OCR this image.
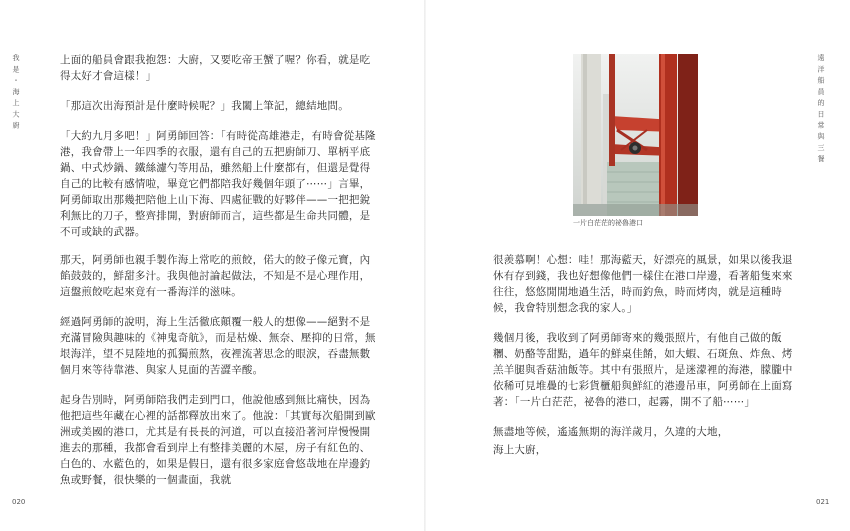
我 是 ・ 海 上 大 廚	上面的船員會跟我抱怨：大廚，又要吃帝王蟹了喔？你看，就是吃得太好才會這樣！」

「那這次出海預計是什麼時候呢？」我闔上筆記，總結地問。

「大約九月多吧！」阿勇師回答：「有時從高雄港走，有時會從基隆港，我會帶上一年四季的衣服，還有自己的五把廚師刀、單柄平底鍋、中式炒鍋、鐵絲濾勺等用品，雖然船上什麼都有，但還是覺得自己的比較有感情啦，畢竟它們都陪我好幾個年頭了⋯⋯」言畢，阿勇師取出那幾把陪他上山下海、四處征戰的好夥伴——一把把銳利無比的刀子，整齊排開，對廚師而言，這些都是生命共同體，是不可或缺的武器。

那天，阿勇師也親手製作海上常吃的煎餃，偌大的餃子像元寶，內餡鼓鼓的，鮮甜多汁。我與他討論起做法，不知是不是心理作用，這盤煎餃吃起來竟有一番海洋的滋味。

經過阿勇師的說明，海上生活徹底顛覆一般人的想像——絕對不是充滿冒險與趣味的《神鬼奇航》，而是枯燥、無奈、壓抑的日常，無垠海洋，望不見陸地的孤獨煎熬，夜裡流著思念的眼淚，吞盡無數個月來等待靠港、與家人見面的苦澀辛酸。

起身告別時，阿勇師陪我們走到門口，他說他感到無比痛快，因為他把這些年藏在心裡的話都釋放出來了。他說：「其實每次船開到歐洲或美國的港口，尤其是有長長的河道，可以直接沿著河岸慢慢開進去的那種，我都會看到岸上有整排美麗的木屋，房子有紅色的、白色的、水藍色的，如果是假日，還有很多家庭會悠哉地在岸邊釣魚或野餐，很快樂的一個畫面，我就

020
遠 洋 船 員 的 日 常 與 三 餐
一片白茫茫的祕魯港口

很羨慕啊！心想：哇！那海藍天，好漂亮的風景，如果以後我退休有存到錢，我也好想像他們一樣住在港口岸邊，看著船隻來來往往，悠悠閒閒地過生活，時而釣魚，時而烤肉，就是這種時候，我會特別想念我的家人。」

幾個月後，我收到了阿勇師寄來的幾張照片，有他自己做的飯糰、奶酪等甜點，過年的鮮桌佳餚，如大蝦、石斑魚、炸魚、烤羔羊腿與香菇油飯等。其中有張照片，是迷濛裡的海港，朦朧中依稀可見堆疊的七彩貨櫃船與鮮紅的港邊吊車，阿勇師在上面寫著：「一片白茫茫，祕魯的港口，起霧，開不了船⋯⋯」

無盡地等候，遙遙無期的海洋歲月，久違的大地，

海上大廚，

021
